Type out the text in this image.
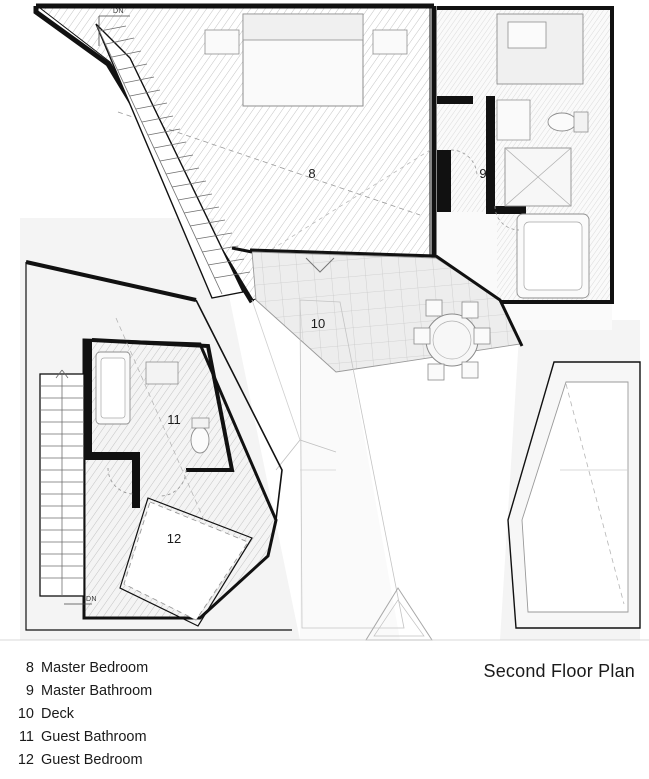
8
DN
9
10
11
12
DN
8 Master Bedroom
9 Master Bathroom
10 Deck
11 Guest Bathroom
12 Guest Bedroom
Second Floor Plan
